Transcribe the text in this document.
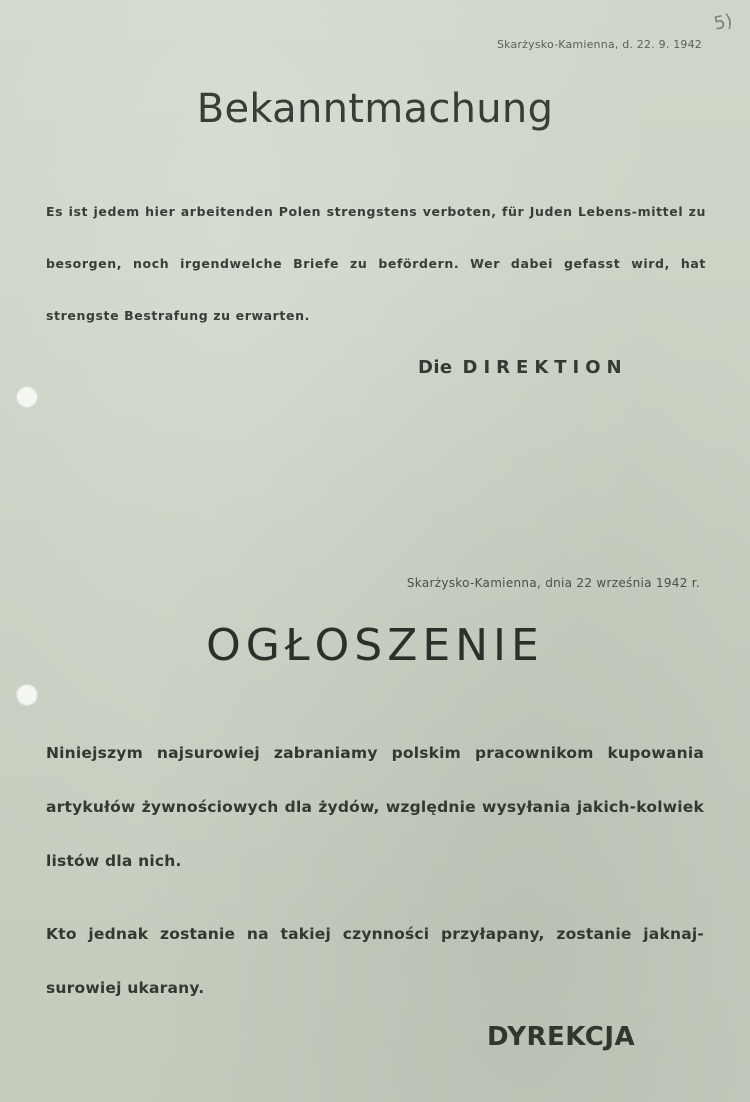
5)
Skarżysko-Kamienna, d. 22. 9. 1942
Bekanntmachung
Es ist jedem hier arbeitenden Polen strengstens verboten, für Juden Lebens-mittel zu besorgen, noch irgendwelche Briefe zu befördern. Wer dabei gefasst wird, hat strengste Bestrafung zu erwarten.
Die DIREKTION
Skarżysko-Kamienna, dnia 22 września 1942 r.
OGŁOSZENIE
Niniejszym najsurowiej zabraniamy polskim pracownikom kupowania artykułów żywnościowych dla żydów, względnie wysyłania jakich-kolwiek listów dla nich.
Kto jednak zostanie na takiej czynności przyłapany, zostanie jaknaj-surowiej ukarany.
DYREKCJA
